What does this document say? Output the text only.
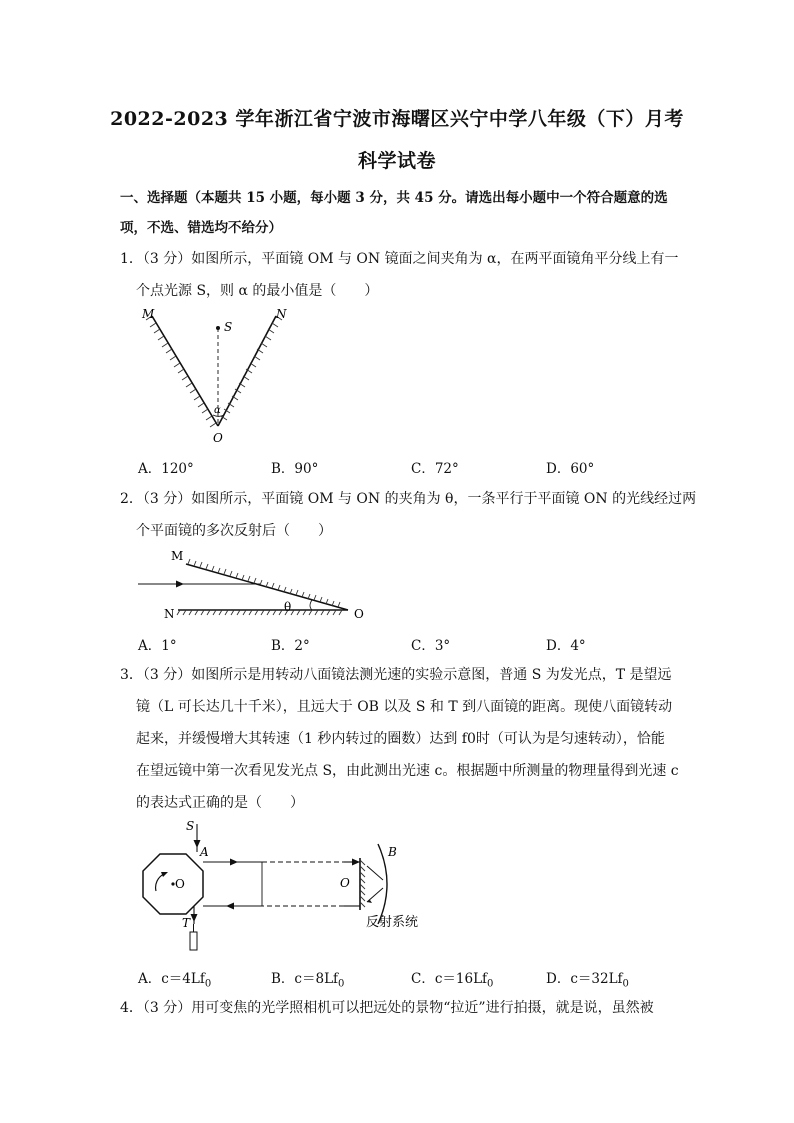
2022-2023 学年浙江省宁波市海曙区兴宁中学八年级（下）月考
科学试卷
一、选择题（本题共 15 小题，每小题 3 分，共 45 分。请选出每小题中一个符合题意的选
项，不选、错选均不给分）
1．（3 分）如图所示，平面镜 OM 与 ON 镜面之间夹角为 α，在两平面镜角平分线上有一
个点光源 S，则 α 的最小值是（　　）
M	N
S
α
O
A．120°	B．90°	C．72°	D．60°
2．（3 分）如图所示，平面镜 OM 与 ON 的夹角为 θ，一条平行于平面镜 ON 的光线经过两
个平面镜的多次反射后（　　）
M
N	O
θ
A．1°	B．2°	C．3°	D．4°
3．（3 分）如图所示是用转动八面镜法测光速的实验示意图，普通 S 为发光点，T 是望远
镜（L 可长达几十千米），且远大于 OB 以及 S 和 T 到八面镜的距离。现使八面镜转动
起来，并缓慢增大其转速（1 秒内转过的圈数）达到 f0时（可认为是匀速转动），恰能
在望远镜中第一次看见发光点 S，由此测出光速 c。根据题中所测量的物理量得到光速 c
的表达式正确的是（　　）
S
A
O	O
B
T	反射系统
A．$c=4Lf_0$	B．$c=8Lf_0$	C．$c=16Lf_0$	D．$c=32Lf_0$
4．（3 分）用可变焦的光学照相机可以把远处的景物“拉近”进行拍摄，就是说，虽然被
